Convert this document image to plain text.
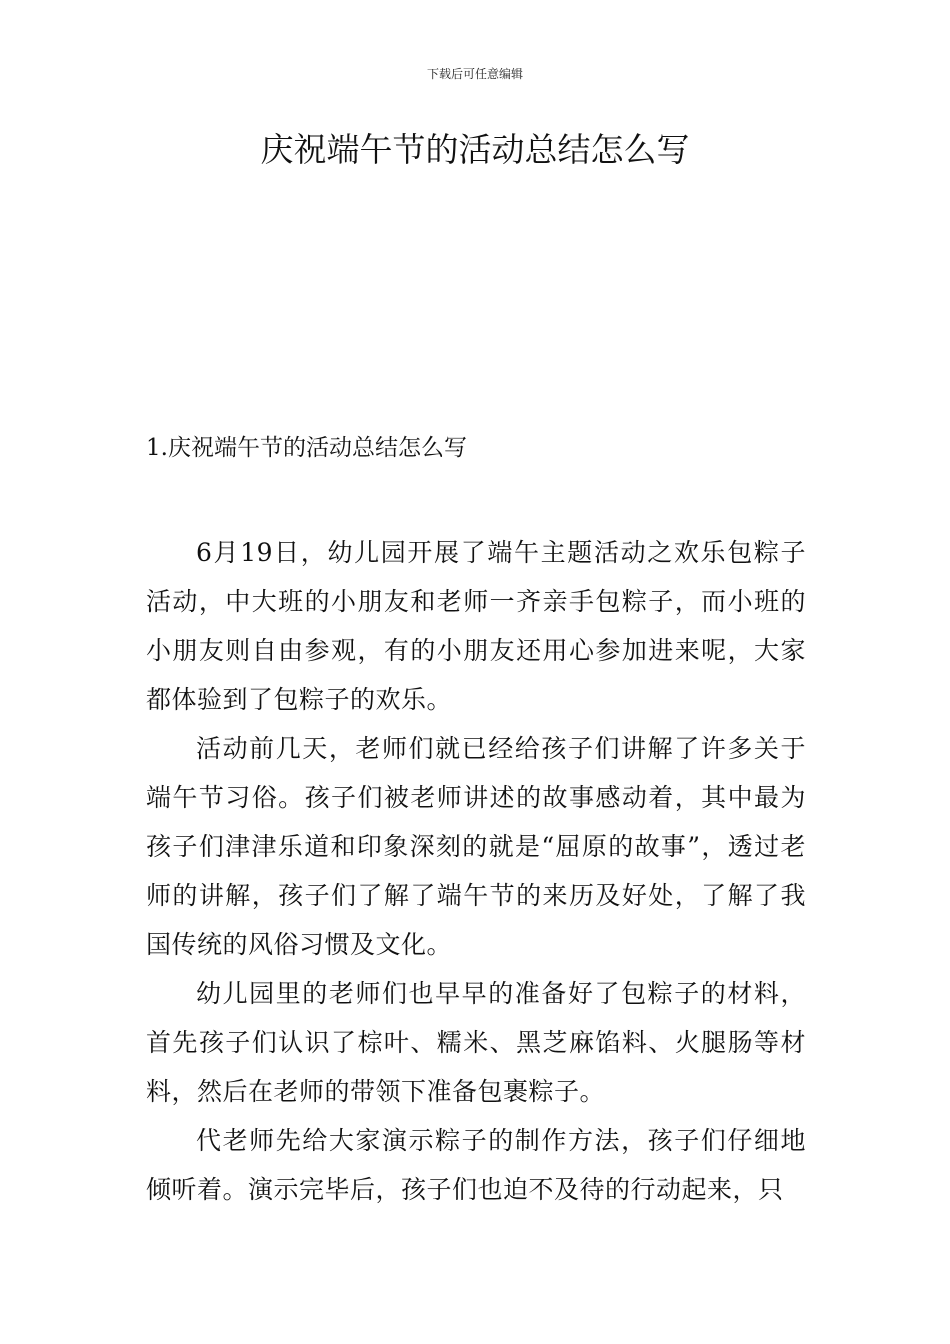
下载后可任意编辑
庆祝端午节的活动总结怎么写
1.庆祝端午节的活动总结怎么写

6月19日，幼儿园开展了端午主题活动之欢乐包粽子活动，中大班的小朋友和老师一齐亲手包粽子，而小班的小朋友则自由参观，有的小朋友还用心参加进来呢，大家都体验到了包粽子的欢乐。

活动前几天，老师们就已经给孩子们讲解了许多关于端午节习俗。孩子们被老师讲述的故事感动着，其中最为孩子们津津乐道和印象深刻的就是“屈原的故事”，透过老师的讲解，孩子们了解了端午节的来历及好处，了解了我国传统的风俗习惯及文化。

幼儿园里的老师们也早早的准备好了包粽子的材料，首先孩子们认识了棕叶、糯米、黑芝麻馅料、火腿肠等材料，然后在老师的带领下准备包裹粽子。

代老师先给大家演示粽子的制作方法，孩子们仔细地倾听着。演示完毕后，孩子们也迫不及待的行动起来，只
